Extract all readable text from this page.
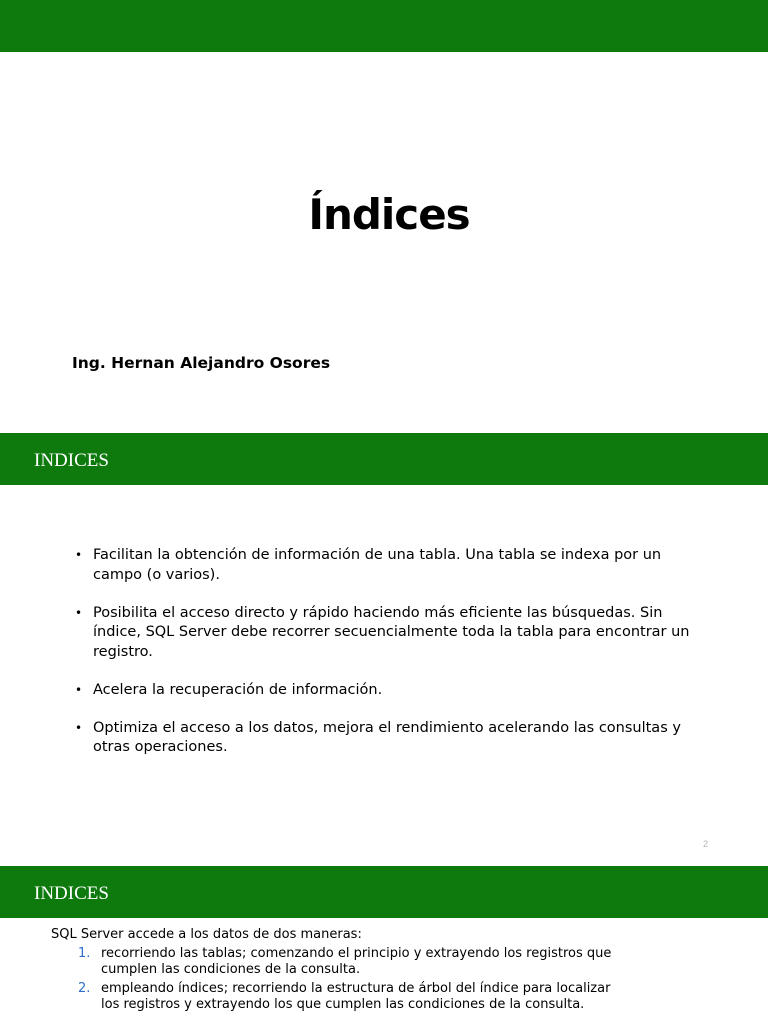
Índices
Ing. Hernan Alejandro Osores
INDICES
• Facilitan la obtención de información de una tabla. Una tabla se indexa por un campo (o varios).
• Posibilita el acceso directo y rápido haciendo más eficiente las búsquedas. Sin índice, SQL Server debe recorrer secuencialmente toda la tabla para encontrar un registro.
• Acelera la recuperación de información.
• Optimiza el acceso a los datos, mejora el rendimiento acelerando las consultas y otras operaciones.
2
INDICES
SQL Server accede a los datos de dos maneras:
1. recorriendo las tablas; comenzando el principio y extrayendo los registros que cumplen las condiciones de la consulta.
2. empleando índices; recorriendo la estructura de árbol del índice para localizar los registros y extrayendo los que cumplen las condiciones de la consulta.
